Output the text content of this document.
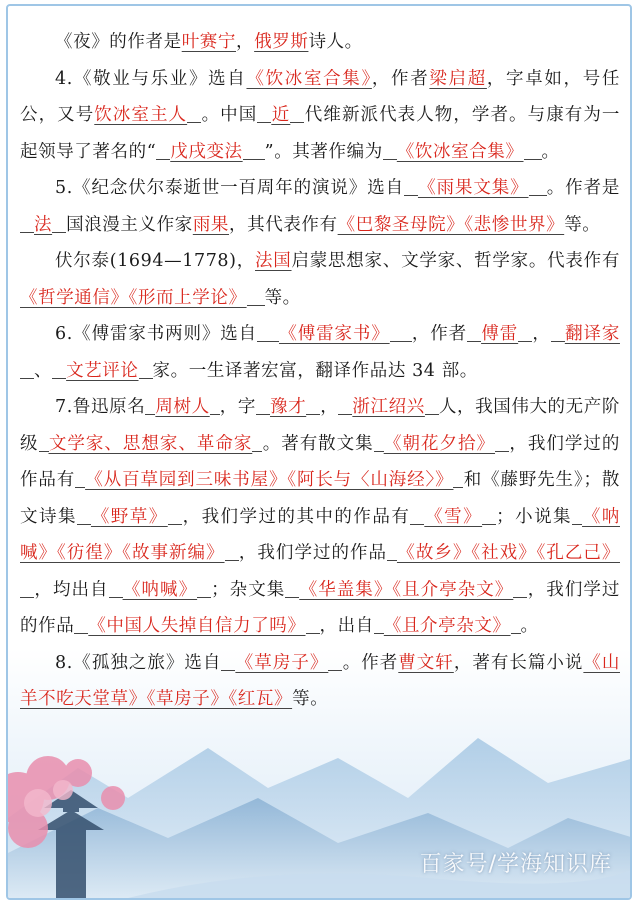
《夜》的作者是叶赛宁，俄罗斯诗人。

4.《敬业与乐业》选自《饮冰室合集》，作者梁启超，字卓如，号任公，又号饮冰室主人 。中国 近 代维新派代表人物，学者。与康有为一起领导了著名的“ 戊戌变法 ”。其著作编为 《饮冰室合集》 。

5.《纪念伏尔泰逝世一百周年的演说》选自 《雨果文集》 。作者是法 国浪漫主义作家雨果，其代表作有《巴黎圣母院》《悲惨世界》等。

伏尔泰(1694—1778)，法国启蒙思想家、文学家、哲学家。代表作有《哲学通信》《形而上学论》 等。

6.《傅雷家书两则》选自 《傅雷家书》 ，作者 傅雷 ， 翻译家、 文艺评论 家。一生译著宏富，翻译作品达 34 部。

7.鲁迅原名 周树人 ，字 豫才 ， 浙江绍兴 人，我国伟大的无产阶级 文学家、思想家、革命家 。著有散文集 《朝花夕拾》 ，我们学过的作品有 《从百草园到三味书屋》《阿长与〈山海经〉》 和《藤野先生》；散文诗集 《野草》 ，我们学过的其中的作品有 《雪》 ；小说集 《呐喊》《彷徨》《故事新编》 ，我们学过的作品 《故乡》《社戏》《孔乙己》，均出自 《呐喊》 ；杂文集 《华盖集》《且介亭杂文》 ，我们学过的作品 《中国人失掉自信力了吗》 ，出自 《且介亭杂文》 。

8.《孤独之旅》选自 《草房子》 。作者曹文轩，著有长篇小说《山羊不吃天堂草》《草房子》《红瓦》等。

百家号/学海知识库
